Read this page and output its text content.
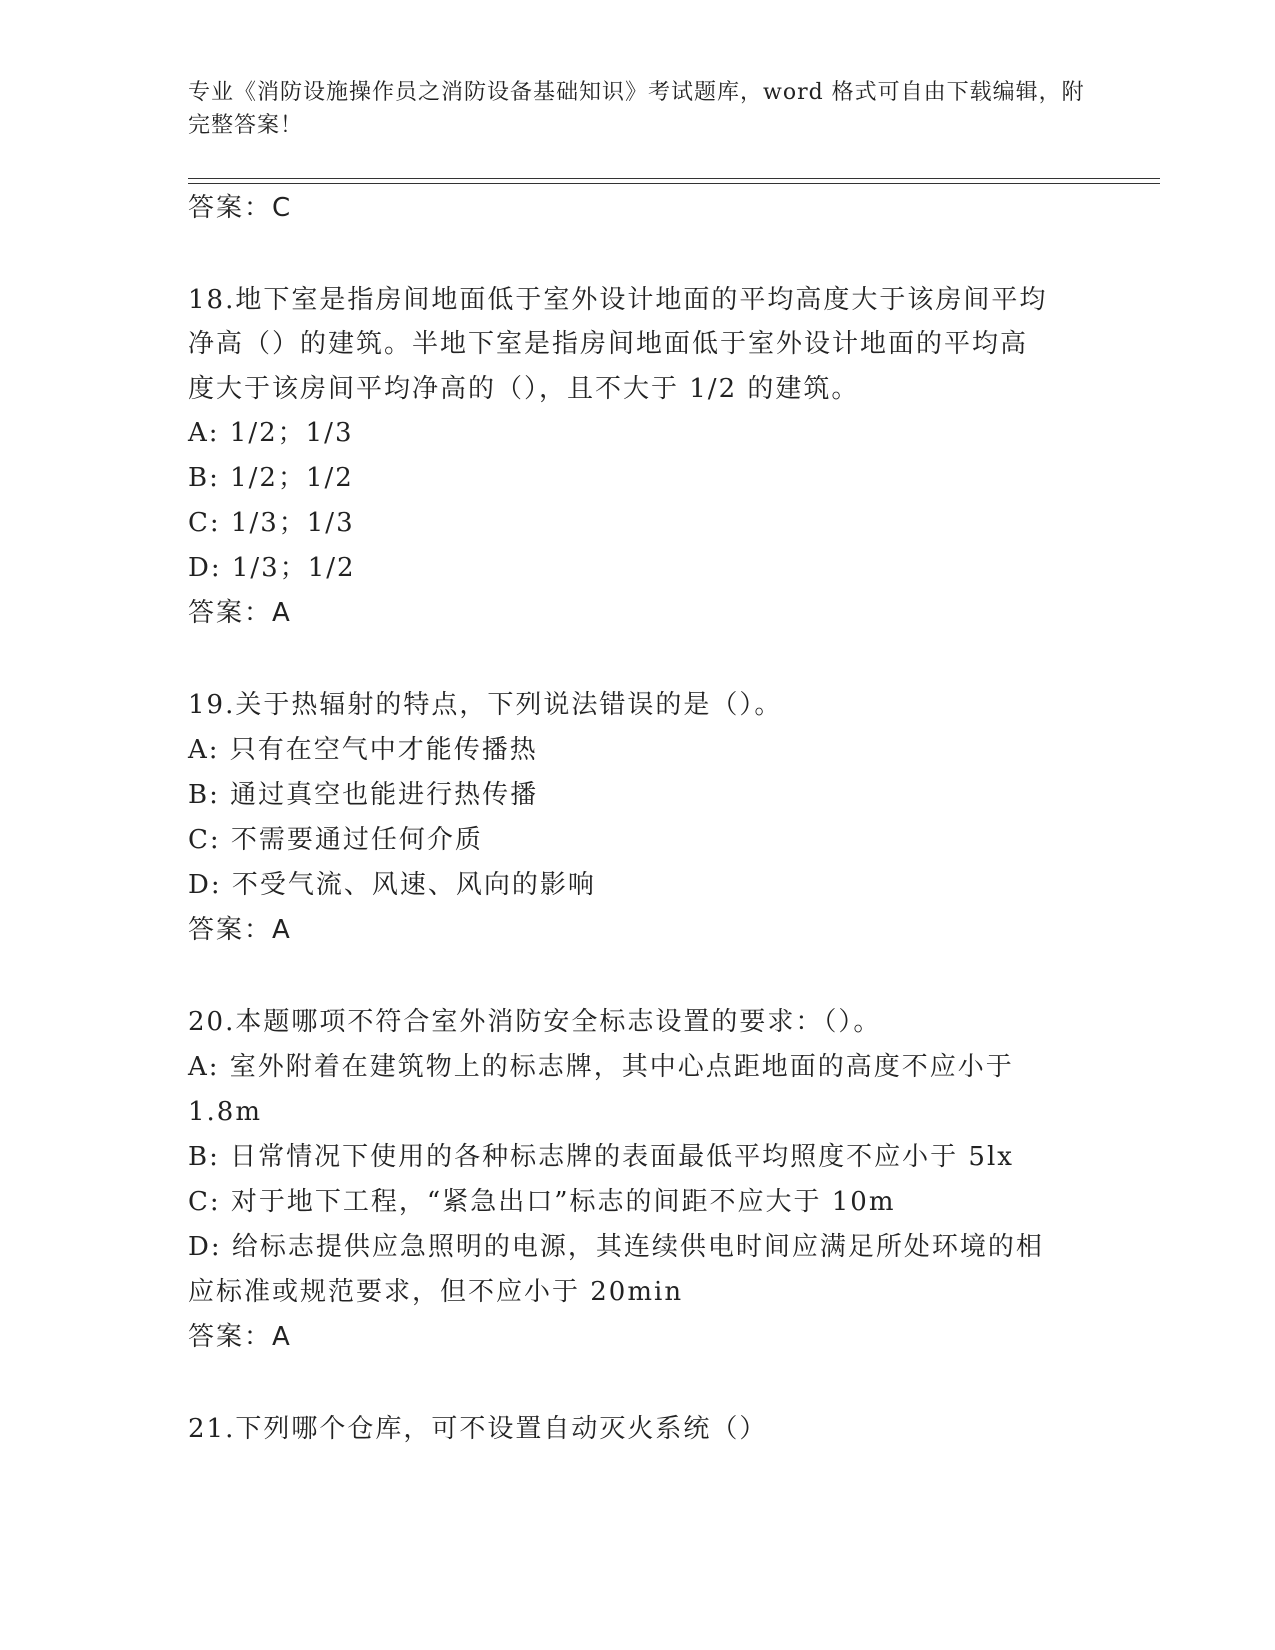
专业《消防设施操作员之消防设备基础知识》考试题库，word 格式可自由下载编辑，附完整答案！
答案：C
18.地下室是指房间地面低于室外设计地面的平均高度大于该房间平均
净高（）的建筑。半地下室是指房间地面低于室外设计地面的平均高
度大于该房间平均净高的（），且不大于 1/2 的建筑。
A: 1/2；1/3
B: 1/2；1/2
C: 1/3；1/3
D: 1/3；1/2
答案：A
19.关于热辐射的特点，下列说法错误的是（）。
A: 只有在空气中才能传播热
B: 通过真空也能进行热传播
C: 不需要通过任何介质
D: 不受气流、风速、风向的影响
答案：A
20.本题哪项不符合室外消防安全标志设置的要求：（）。
A: 室外附着在建筑物上的标志牌，其中心点距地面的高度不应小于
1.8m
B: 日常情况下使用的各种标志牌的表面最低平均照度不应小于 5lx
C: 对于地下工程，“紧急出口”标志的间距不应大于 10m
D: 给标志提供应急照明的电源，其连续供电时间应满足所处环境的相
应标准或规范要求，但不应小于 20min
答案：A
21.下列哪个仓库，可不设置自动灭火系统（）
